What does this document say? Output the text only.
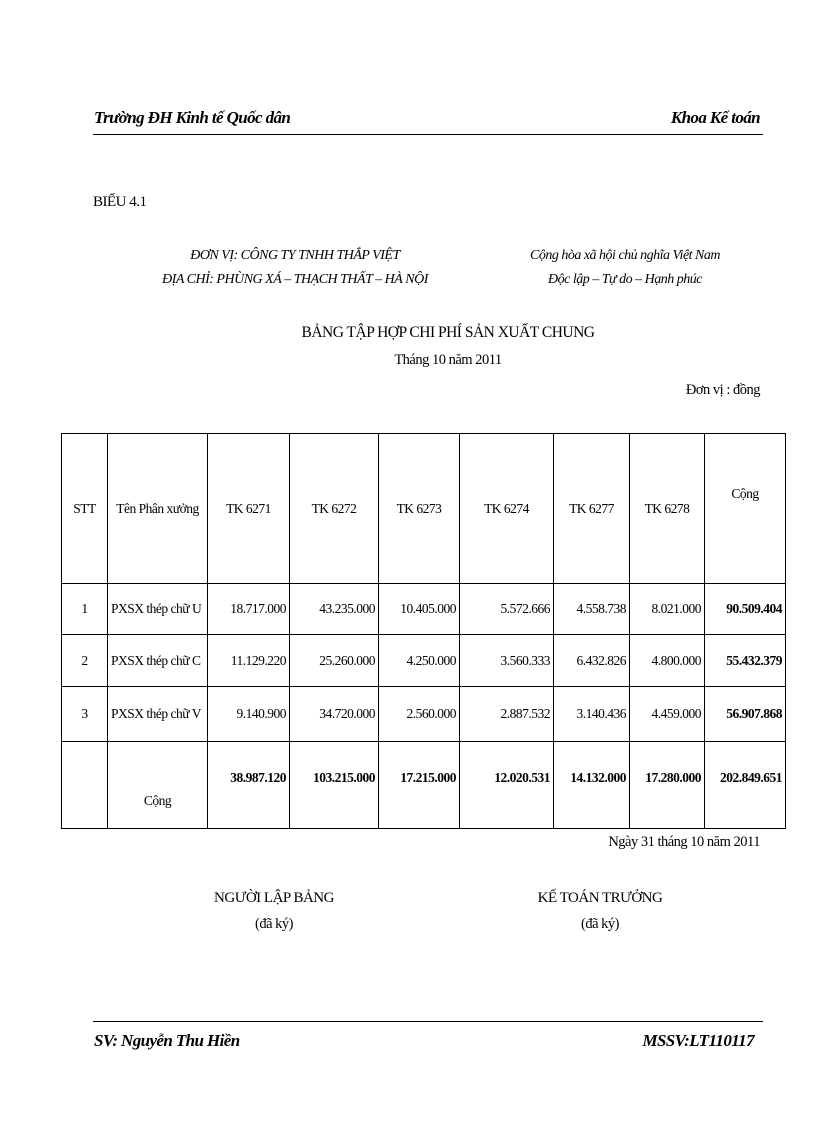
Trường ĐH Kinh tế Quốc dân	Khoa Kế toán
BIỂU 4.1
ĐƠN VỊ: CÔNG TY TNHH THẮP VIỆT
ĐỊA CHỈ: PHÙNG XÁ – THẠCH THẤT – HÀ NỘI
Cộng hòa xã hội chủ nghĩa Việt Nam
Độc lập – Tự do – Hạnh phúc
BẢNG TẬP HỢP CHI PHÍ SẢN XUẤT CHUNG
Tháng 10 năm 2011
Đơn vị : đồng
STT	Tên Phân xưởng	TK 6271	TK 6272	TK 6273	TK 6274	TK 6277	TK 6278	Cộng
1	PXSX thép chữ U	18.717.000	43.235.000	10.405.000	5.572.666	4.558.738	8.021.000	90.509.404
2	PXSX thép chữ C	11.129.220	25.260.000	4.250.000	3.560.333	6.432.826	4.800.000	55.432.379
3	PXSX thép chữ V	9.140.900	34.720.000	2.560.000	2.887.532	3.140.436	4.459.000	56.907.868
	Cộng	38.987.120	103.215.000	17.215.000	12.020.531	14.132.000	17.280.000	202.849.651
Ngày 31 tháng 10 năm 2011
NGƯỜI LẬP BẢNG
(đã ký)
KẾ TOÁN TRƯỞNG
(đã ký)
SV: Nguyễn Thu Hiền	MSSV:LT110117
